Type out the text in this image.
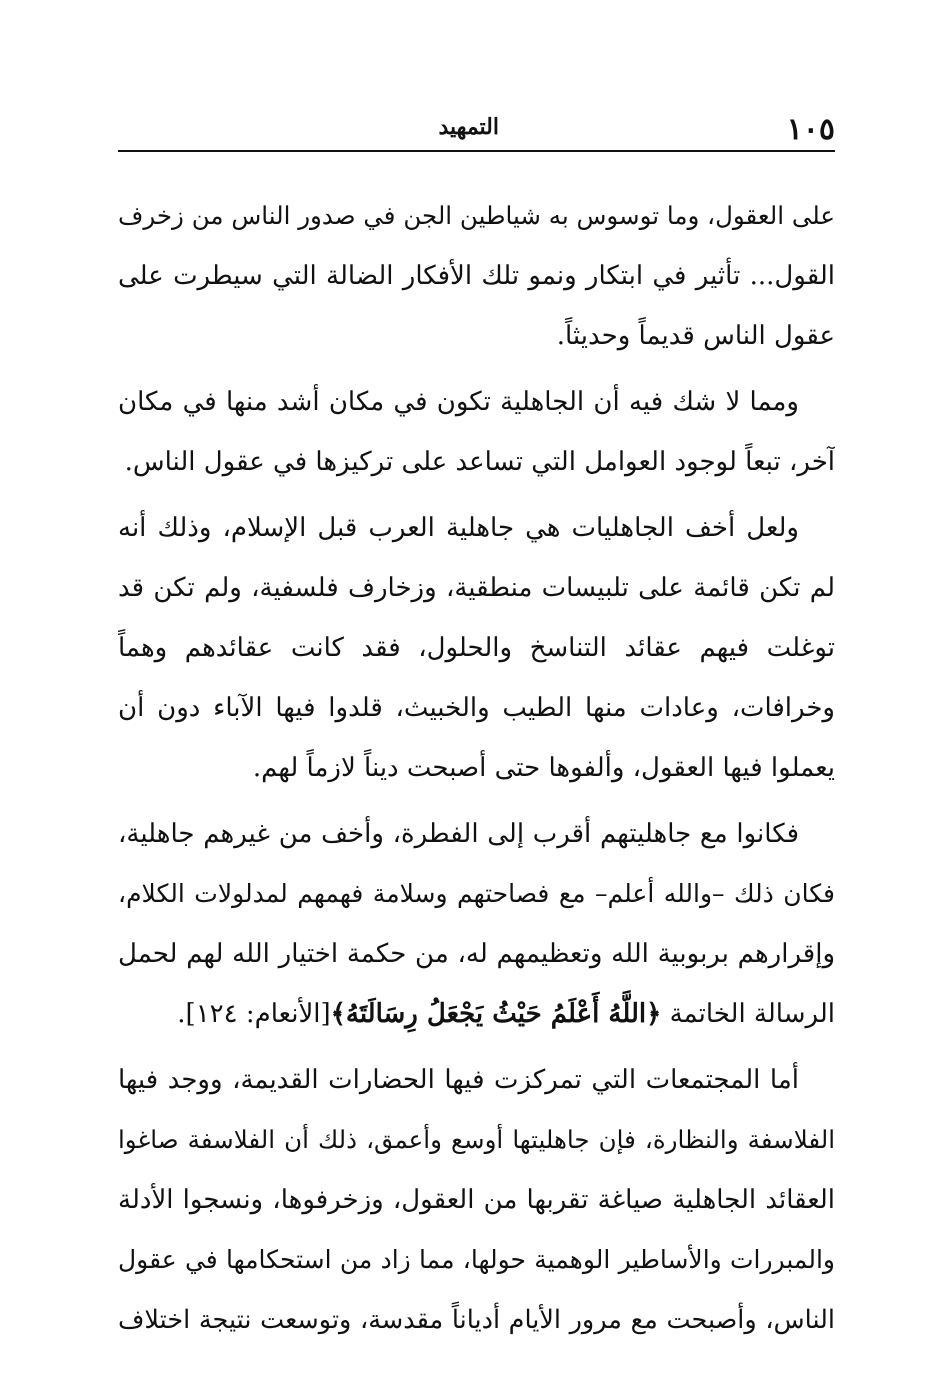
١٠٥
التمهيد
على العقول، وما توسوس به شياطين الجن في صدور الناس من زخرف
القول... تأثير في ابتكار ونمو تلك الأفكار الضالة التي سيطرت على
عقول الناس قديماً وحديثاً.
ومما لا شك فيه أن الجاهلية تكون في مكان أشد منها في مكان
آخر، تبعاً لوجود العوامل التي تساعد على تركيزها في عقول الناس.
ولعل أخف الجاهليات هي جاهلية العرب قبل الإسلام، وذلك أنه
لم تكن قائمة على تلبيسات منطقية، وزخارف فلسفية، ولم تكن قد
توغلت فيهم عقائد التناسخ والحلول، فقد كانت عقائدهم وهماً
وخرافات، وعادات منها الطيب والخبيث، قلدوا فيها الآباء دون أن
يعملوا فيها العقول، وألفوها حتى أصبحت ديناً لازماً لهم.
فكانوا مع جاهليتهم أقرب إلى الفطرة، وأخف من غيرهم جاهلية،
فكان ذلك –والله أعلم– مع فصاحتهم وسلامة فهمهم لمدلولات الكلام،
وإقرارهم بربوبية الله وتعظيمهم له، من حكمة اختيار الله لهم لحمل
الرسالة الخاتمة ﴿اللَّهُ أَعْلَمُ حَيْثُ يَجْعَلُ رِسَالَتَهُ﴾[الأنعام: ١٢٤].
أما المجتمعات التي تمركزت فيها الحضارات القديمة، ووجد فيها
الفلاسفة والنظارة، فإن جاهليتها أوسع وأعمق، ذلك أن الفلاسفة صاغوا
العقائد الجاهلية صياغة تقربها من العقول، وزخرفوها، ونسجوا الأدلة
والمبررات والأساطير الوهمية حولها، مما زاد من استحكامها في عقول
الناس، وأصبحت مع مرور الأيام أدياناً مقدسة، وتوسعت نتيجة اختلاف
